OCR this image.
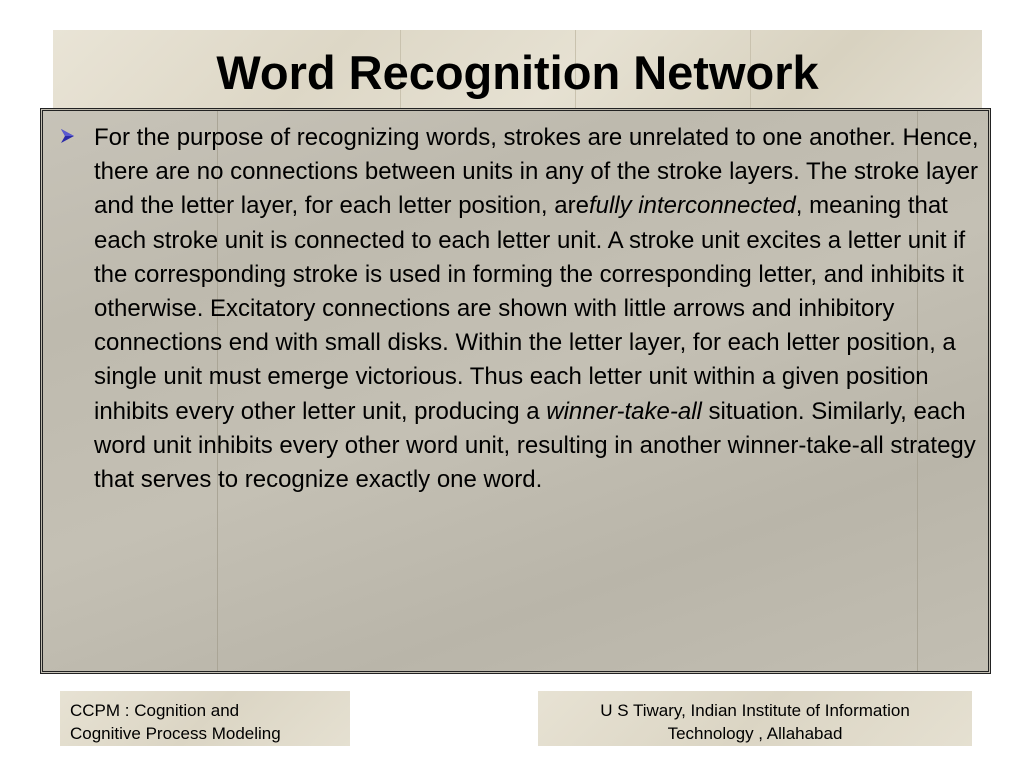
Word Recognition Network
For the purpose of recognizing words, strokes are unrelated to one another. Hence, there are no connections between units in any of the stroke layers. The stroke layer and the letter layer, for each letter position, arefully interconnected, meaning that each stroke unit is connected to each letter unit. A stroke unit excites a letter unit if the corresponding stroke is used in forming the corresponding letter, and inhibits it otherwise. Excitatory connections are shown with little arrows and inhibitory connections end with small disks. Within the letter layer, for each letter position, a single unit must emerge victorious. Thus each letter unit within a given position inhibits every other letter unit, producing a winner-take-all situation. Similarly, each word unit inhibits every other word unit, resulting in another winner-take-all strategy that serves to recognize exactly one word.
CCPM : Cognition and
Cognitive Process Modeling
U S Tiwary, Indian Institute of Information
Technology , Allahabad
